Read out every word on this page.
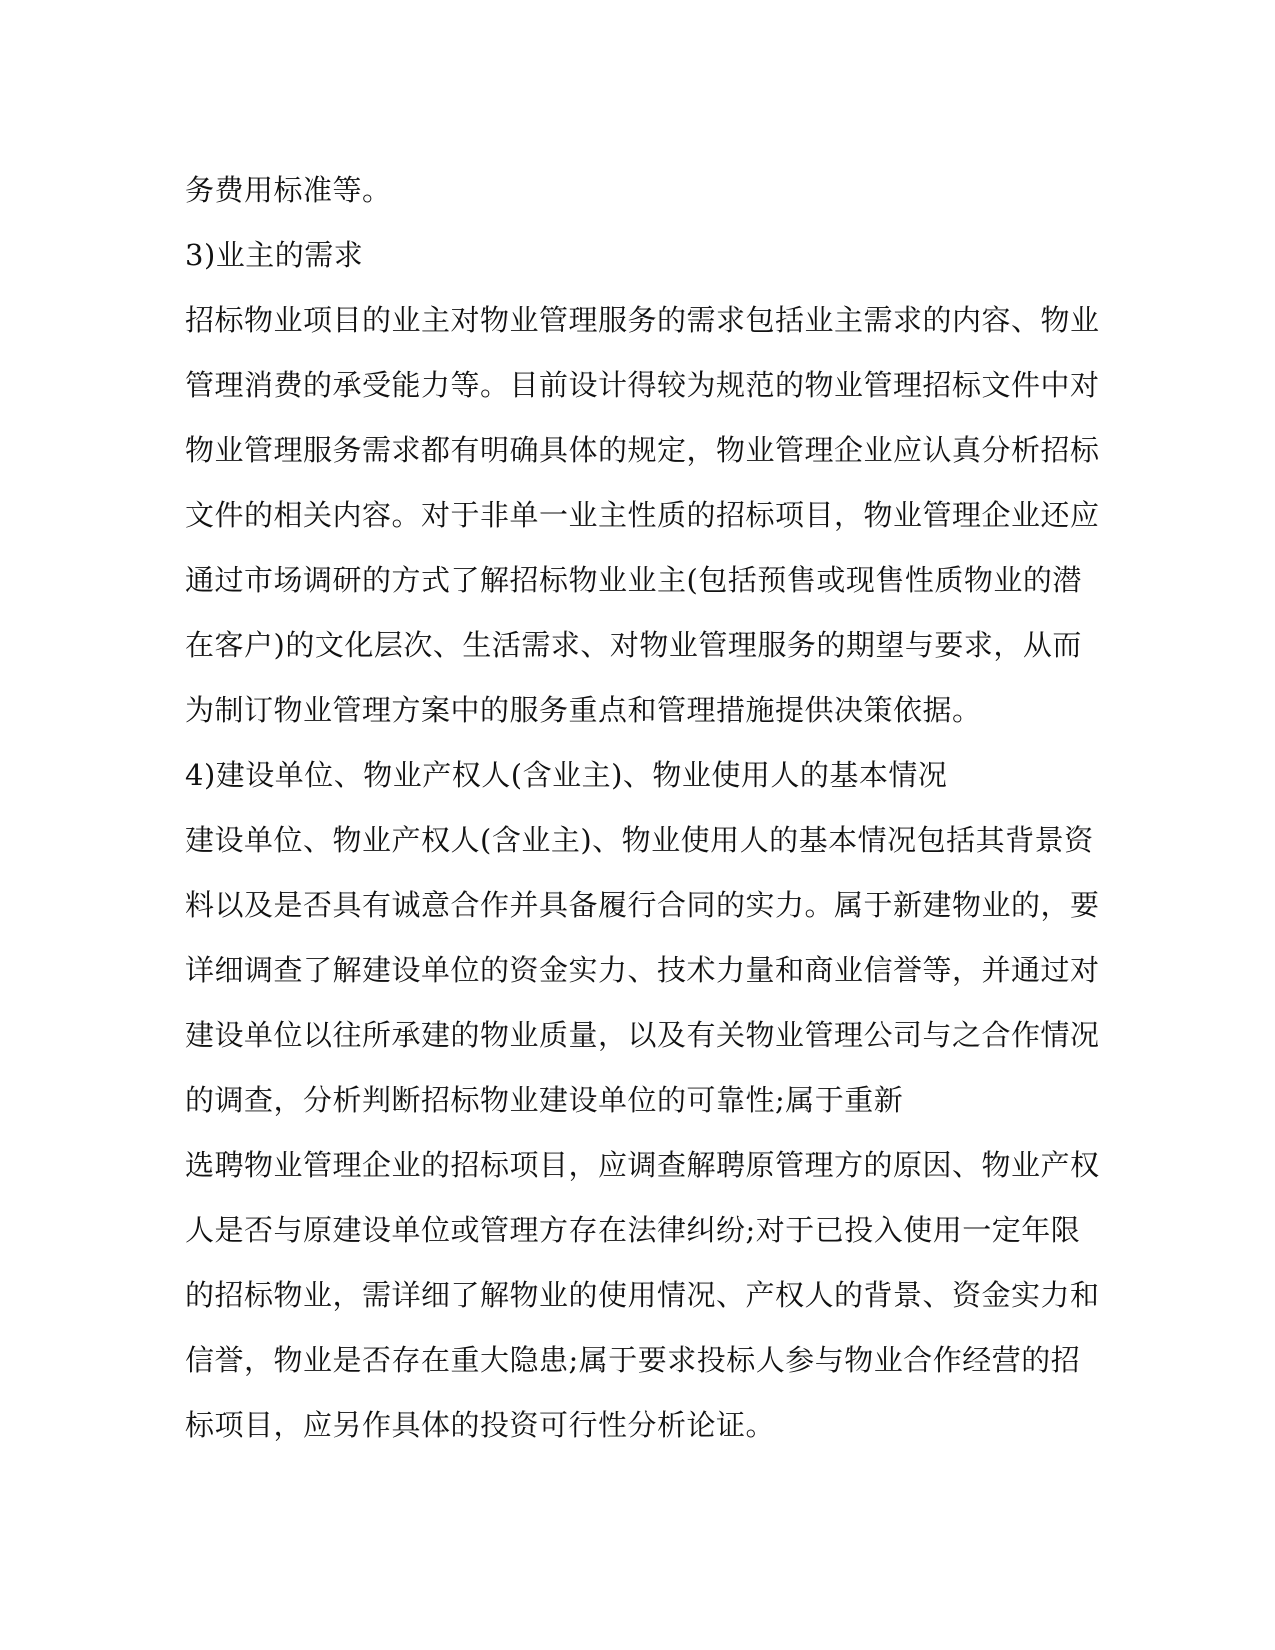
务费用标准等。
3)业主的需求
招标物业项目的业主对物业管理服务的需求包括业主需求的内容、物业
管理消费的承受能力等。目前设计得较为规范的物业管理招标文件中对
物业管理服务需求都有明确具体的规定，物业管理企业应认真分析招标
文件的相关内容。对于非单一业主性质的招标项目，物业管理企业还应
通过市场调研的方式了解招标物业业主(包括预售或现售性质物业的潜
在客户)的文化层次、生活需求、对物业管理服务的期望与要求，从而
为制订物业管理方案中的服务重点和管理措施提供决策依据。
4)建设单位、物业产权人(含业主)、物业使用人的基本情况
建设单位、物业产权人(含业主)、物业使用人的基本情况包括其背景资
料以及是否具有诚意合作并具备履行合同的实力。属于新建物业的，要
详细调查了解建设单位的资金实力、技术力量和商业信誉等，并通过对
建设单位以往所承建的物业质量，以及有关物业管理公司与之合作情况
的调查，分析判断招标物业建设单位的可靠性;属于重新
选聘物业管理企业的招标项目，应调查解聘原管理方的原因、物业产权
人是否与原建设单位或管理方存在法律纠纷;对于已投入使用一定年限
的招标物业，需详细了解物业的使用情况、产权人的背景、资金实力和
信誉，物业是否存在重大隐患;属于要求投标人参与物业合作经营的招
标项目，应另作具体的投资可行性分析论证。
